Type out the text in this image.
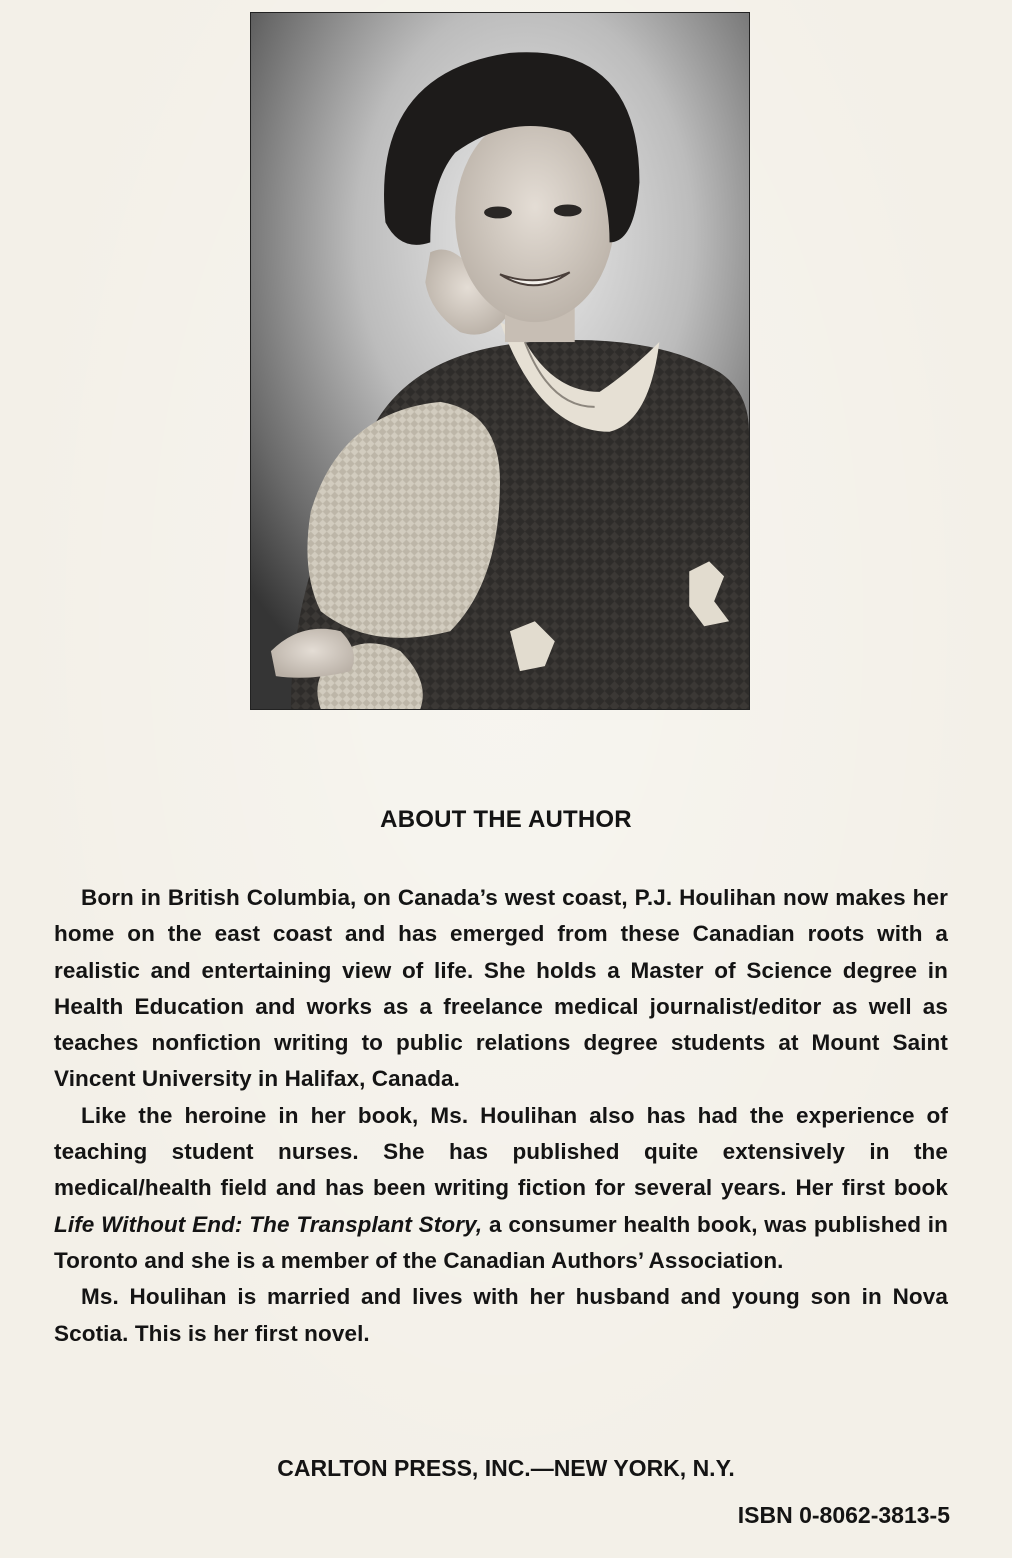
ABOUT THE AUTHOR

Born in British Columbia, on Canada’s west coast, P.J. Houlihan now makes her home on the east coast and has emerged from these Canadian roots with a realistic and entertaining view of life. She holds a Master of Science degree in Health Education and works as a freelance medical journalist/editor as well as teaches nonfiction writing to public relations degree students at Mount Saint Vincent University in Halifax, Canada.

Like the heroine in her book, Ms. Houlihan also has had the experience of teaching student nurses. She has published quite extensively in the medical/health field and has been writing fiction for several years. Her first book Life Without End: The Transplant Story, a consumer health book, was published in Toronto and she is a member of the Canadian Authors’ Association.

Ms. Houlihan is married and lives with her husband and young son in Nova Scotia. This is her first novel.

CARLTON PRESS, INC.—NEW YORK, N.Y.

ISBN 0-8062-3813-5
